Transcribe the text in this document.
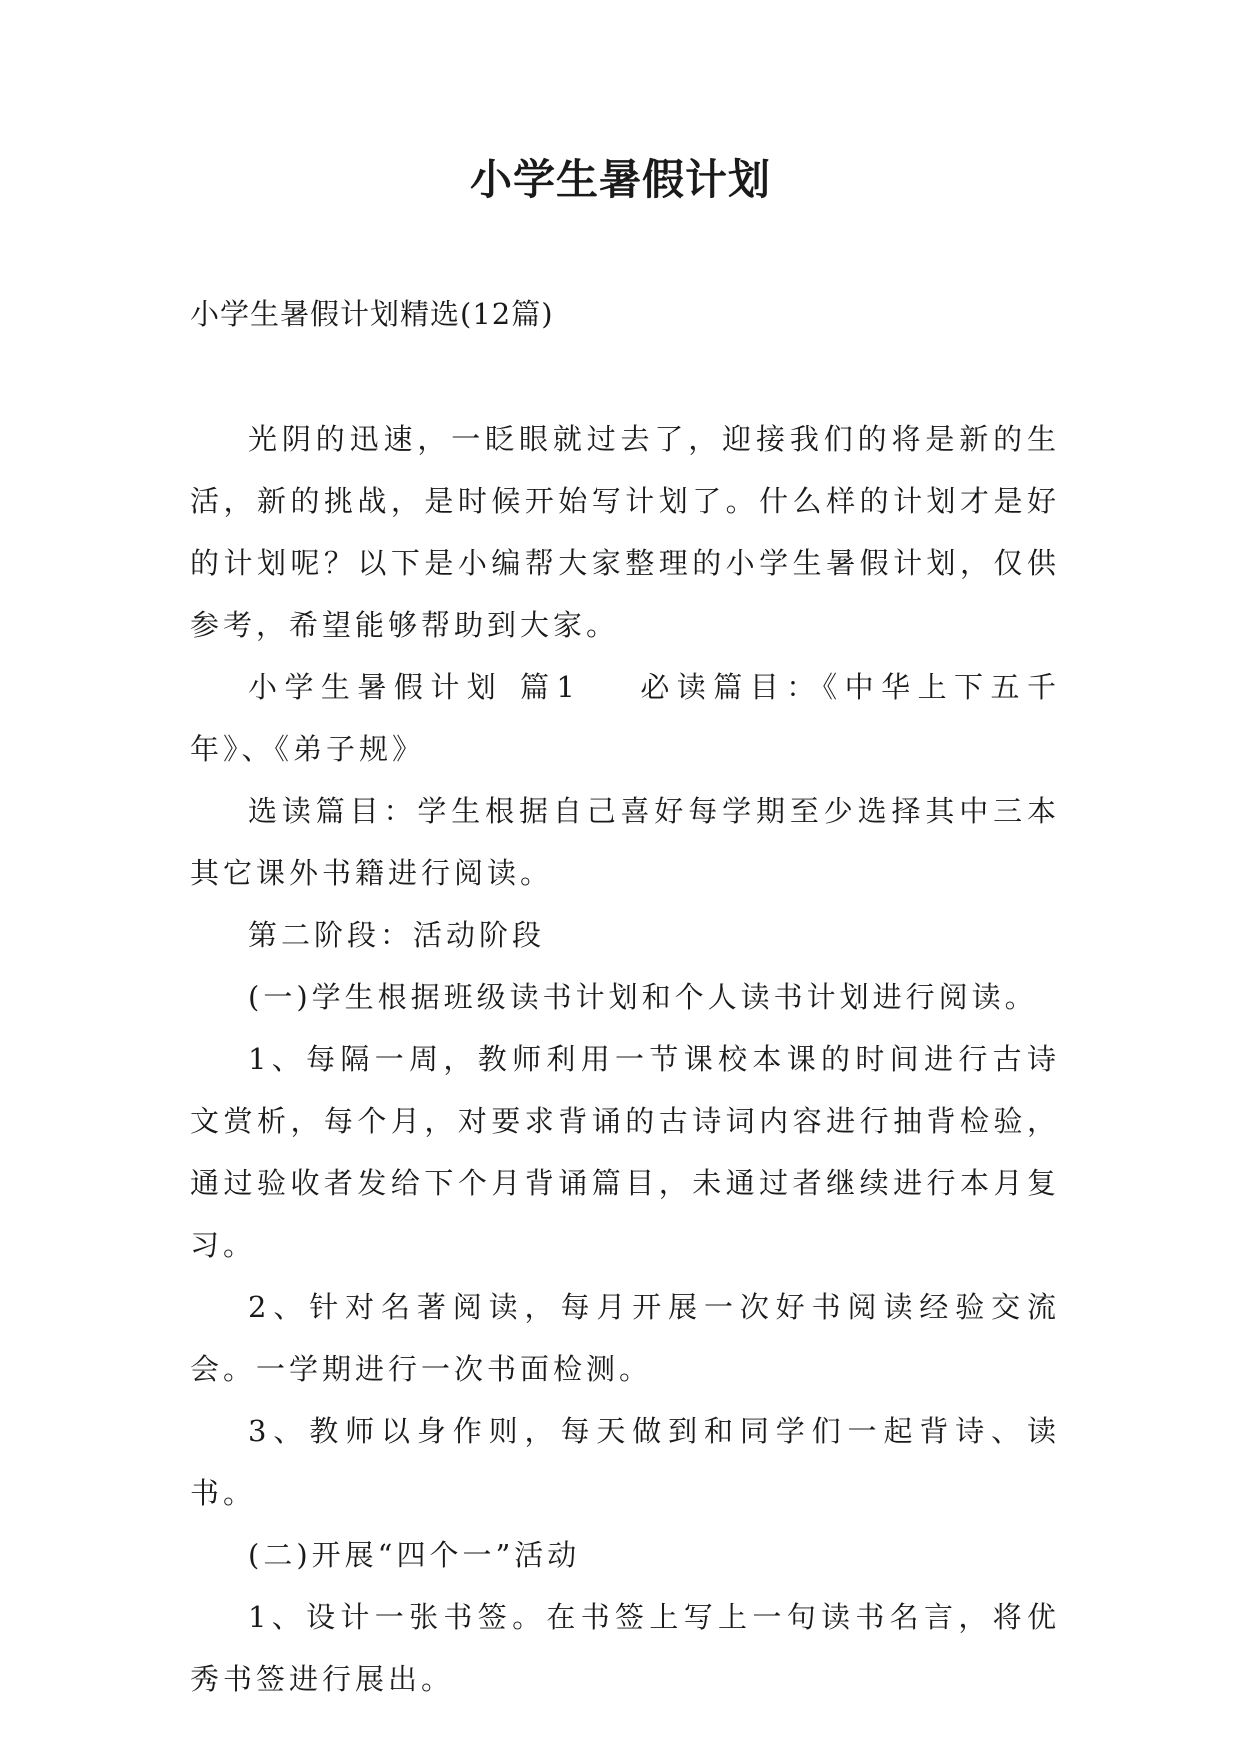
小学生暑假计划
小学生暑假计划精选(12篇)

光阴的迅速，一眨眼就过去了，迎接我们的将是新的生活，新的挑战，是时候开始写计划了。什么样的计划才是好的计划呢？以下是小编帮大家整理的小学生暑假计划，仅供参考，希望能够帮助到大家。

小学生暑假计划 篇1 必读篇目：《中华上下五千年》、《弟子规》

选读篇目：学生根据自己喜好每学期至少选择其中三本其它课外书籍进行阅读。

第二阶段：活动阶段

(一)学生根据班级读书计划和个人读书计划进行阅读。

1、每隔一周，教师利用一节课校本课的时间进行古诗文赏析，每个月，对要求背诵的古诗词内容进行抽背检验，通过验收者发给下个月背诵篇目，未通过者继续进行本月复习。

2、针对名著阅读，每月开展一次好书阅读经验交流会。一学期进行一次书面检测。

3、教师以身作则，每天做到和同学们一起背诗、读书。

(二)开展“四个一”活动

1、设计一张书签。在书签上写上一句读书名言，将优秀书签进行展出。
